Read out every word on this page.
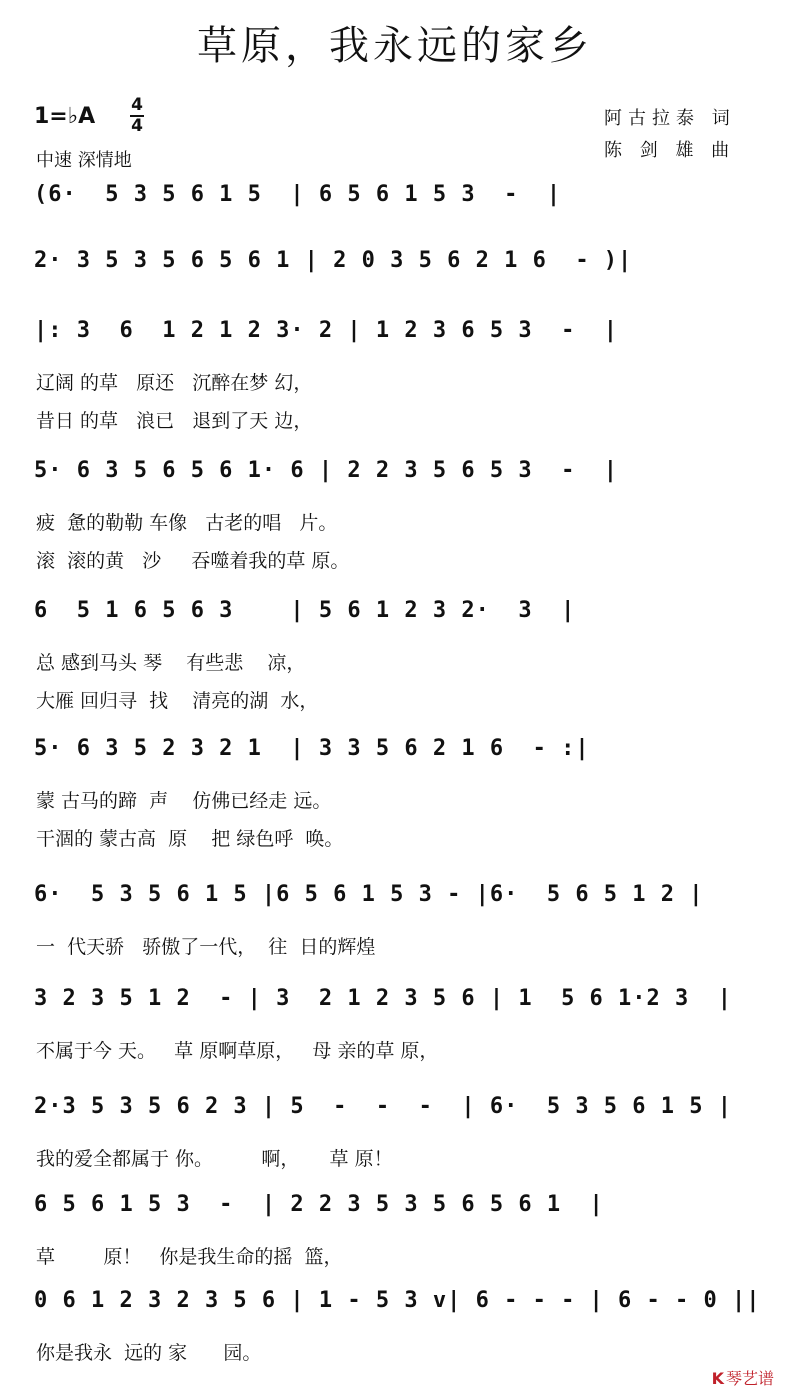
草原，我永远的家乡
1=♭A 4
4
中速 深情地
阿古拉泰 词
陈 剑 雄 曲
(6·  5 3 5 6 1 5  | 6 5 6 1 5 3  -  |
2· 3 5 3 5 6 5 6 1 | 2 0 3 5 6 2 1 6  - )|
|: 3  6  1 2 1 2 3· 2 | 1 2 3 6 5 3  -  |
辽阔 的草   原还   沉醉在梦 幻，
昔日 的草   浪已   退到了天 边，
5· 6 3 5 6 5 6 1· 6 | 2 2 3 5 6 5 3  -  |
疲  惫的勒勒 车像   古老的唱   片。
滚  滚的黄   沙     吞噬着我的草 原。
6  5 1 6 5 6 3    | 5 6 1 2 3 2·  3  |
总 感到马头 琴    有些悲    凉，
大雁 回归寻  找    清亮的湖  水，
5· 6 3 5 2 3 2 1  | 3 3 5 6 2 1 6  - :|
蒙 古马的蹄  声    仿佛已经走 远。
干涸的 蒙古高  原    把 绿色呼  唤。
6·  5 3 5 6 1 5 |6 5 6 1 5 3 - |6·  5 6 5 1 2 |
一  代天骄   骄傲了一代，  往  日的辉煌
3 2 3 5 1 2  - | 3  2 1 2 3 5 6 | 1  5 6 1·2 3  |
不属于今 天。   草 原啊草原，   母 亲的草 原，
2·3 5 3 5 6 2 3 | 5  -  -  -  | 6·  5 3 5 6 1 5 |
我的爱全都属于 你。        啊，     草 原！
6 5 6 1 5 3  -  | 2 2 3 5 3 5 6 5 6 1  |
草        原！   你是我生命的摇  篮，
0 6 1 2 3 2 3 5 6 | 1 - 5 3 v| 6 - - - | 6 - - 0 ||
你是我永  远的 家      园。
K 琴艺谱
